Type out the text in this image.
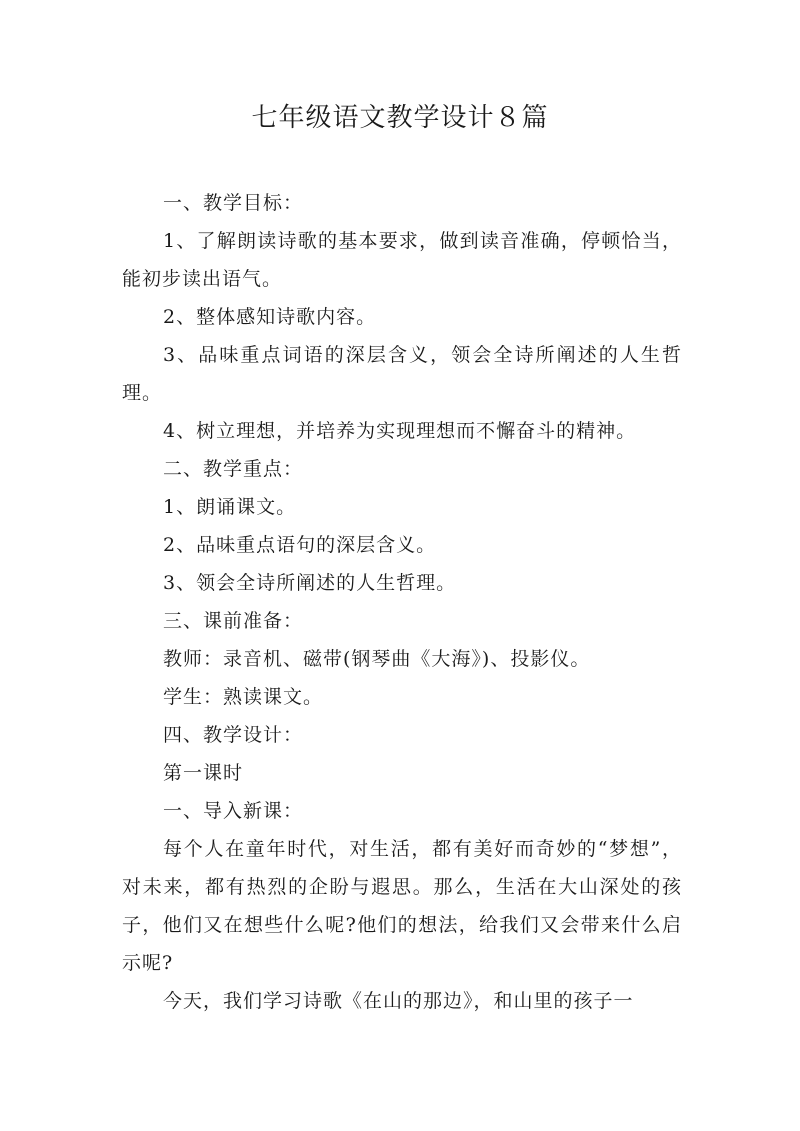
七年级语文教学设计８篇

一、教学目标：

1、了解朗读诗歌的基本要求，做到读音准确，停顿恰当，能初步读出语气。

2、整体感知诗歌内容。

3、品味重点词语的深层含义，领会全诗所阐述的人生哲理。

4、树立理想，并培养为实现理想而不懈奋斗的精神。

二、教学重点：

1、朗诵课文。

2、品味重点语句的深层含义。

3、领会全诗所阐述的人生哲理。

三、课前准备：

教师：录音机、磁带(钢琴曲《大海》)、投影仪。

学生：熟读课文。

四、教学设计：

第一课时

一、导入新课：

每个人在童年时代，对生活，都有美好而奇妙的“梦想”，对未来，都有热烈的企盼与遐思。那么，生活在大山深处的孩子，他们又在想些什么呢?他们的想法，给我们又会带来什么启示呢?

今天，我们学习诗歌《在山的那边》，和山里的孩子一
